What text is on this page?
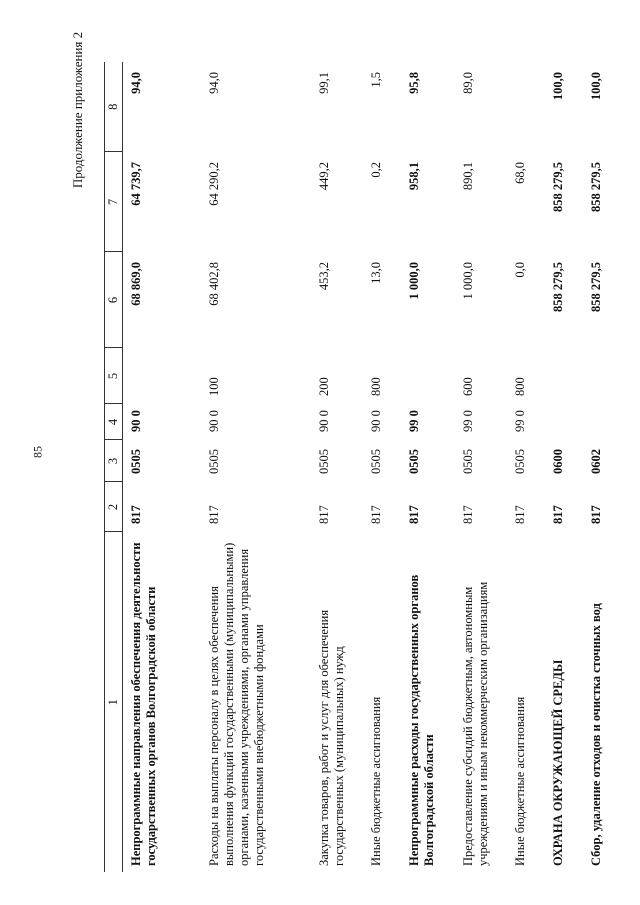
85
Продолжение приложения 2
1	2	3	4	5	6	7	8
Непрограммные направления обеспечения деятельности государственных органов Волгоградской области	817	0505	90 0		68 869,0	64 739,7	94,0
Расходы на выплаты персоналу в целях обеспечения выполнения функций государственными (муниципальными) органами, казенными учреждениями, органами управления государственными внебюджетными фондами	817	0505	90 0	100	68 402,8	64 290,2	94,0
Закупка товаров, работ и услуг для обеспечения государственных (муниципальных) нужд	817	0505	90 0	200	453,2	449,2	99,1
Иные бюджетные ассигнования	817	0505	90 0	800	13,0	0,2	1,5
Непрограммные расходы государственных органов Волгоградской области	817	0505	99 0		1 000,0	958,1	95,8
Предоставление субсидий бюджетным, автономным учреждениям и иным некоммерческим организациям	817	0505	99 0	600	1 000,0	890,1	89,0
Иные бюджетные ассигнования	817	0505	99 0	800	0,0	68,0	
ОХРАНА ОКРУЖАЮЩЕЙ СРЕДЫ	817	0600			858 279,5	858 279,5	100,0
Сбор, удаление отходов и очистка сточных вод	817	0602			858 279,5	858 279,5	100,0
